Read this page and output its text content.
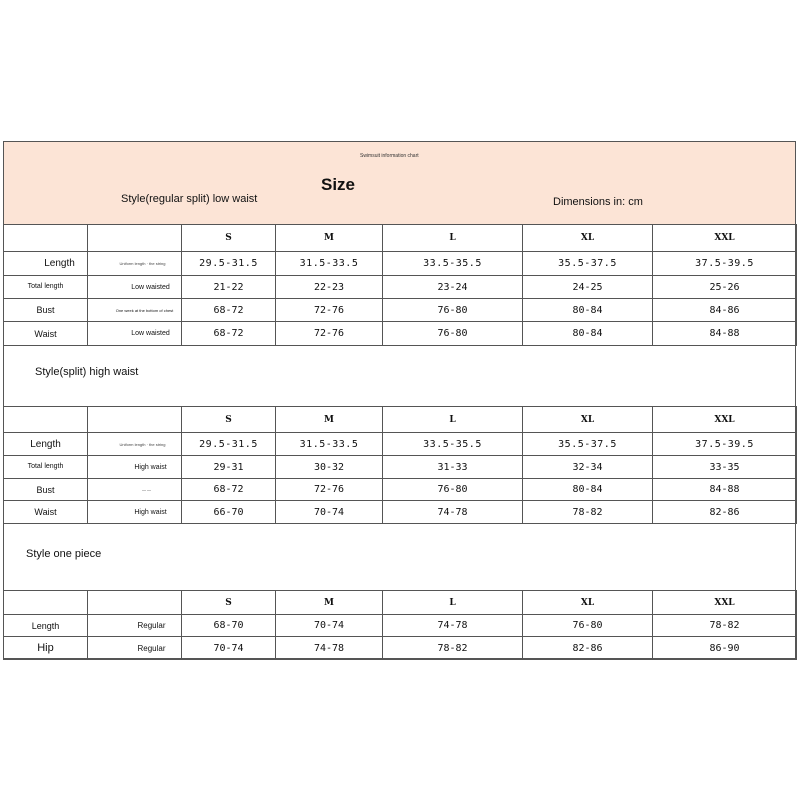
Swimsuit information chart
Size
Style(regular split) low waist	Dimensions in: cm
		S	M	L	XL	XXL
Length	Uniform length · the string	29.5-31.5	31.5-33.5	33.5-35.5	35.5-37.5	37.5-39.5
Total length	Low waisted	21-22	22-23	23-24	24-25	25-26
Bust	One week at the bottom of chest	68-72	72-76	76-80	80-84	84-86
Waist	Low waisted	68-72	72-76	76-80	80-84	84-88
Style(split) high waist
		S	M	L	XL	XXL
Length	Uniform length · the string	29.5-31.5	31.5-33.5	33.5-35.5	35.5-37.5	37.5-39.5
Total length	High waist	29-31	30-32	31-33	32-34	33-35
Bust	— —	68-72	72-76	76-80	80-84	84-88
Waist	High waist	66-70	70-74	74-78	78-82	82-86
Style one piece
		S	M	L	XL	XXL
Length	Regular	68-70	70-74	74-78	76-80	78-82
Hip	Regular	70-74	74-78	78-82	82-86	86-90
